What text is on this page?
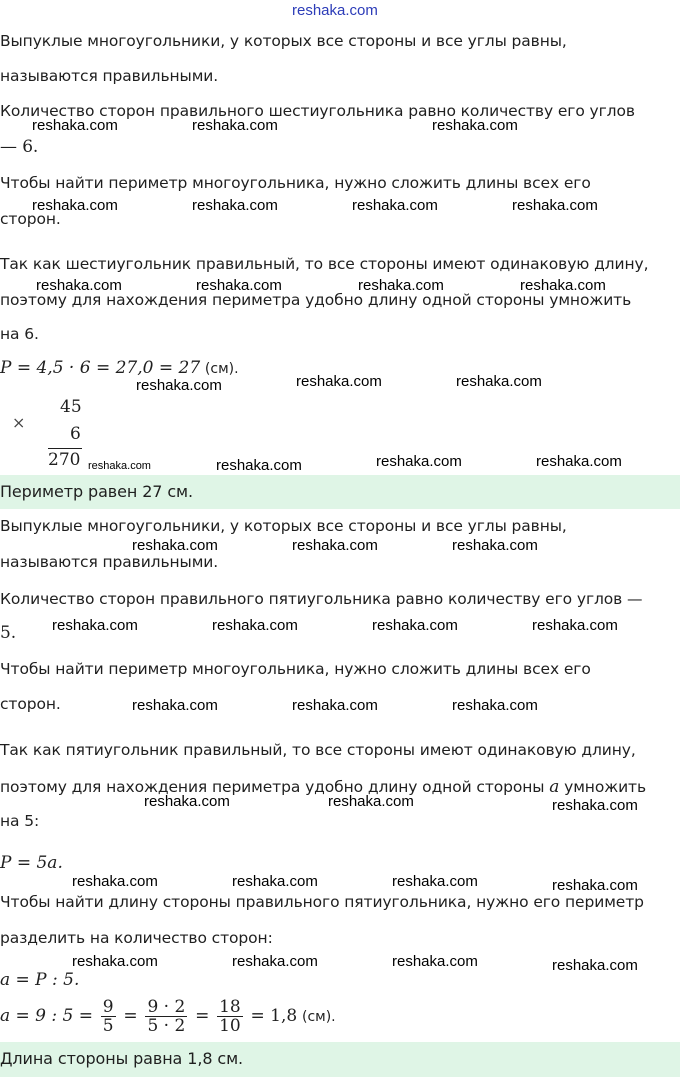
reshaka.com
Выпуклые многоугольники, у которых все стороны и все углы равны,
называются правильными.
Количество сторон правильного шестиугольника равно количеству его углов
— 6.
Чтобы найти периметр многоугольника, нужно сложить длины всех его
сторон.
Так как шестиугольник правильный, то все стороны имеют одинаковую длину,
поэтому для нахождения периметра удобно длину одной стороны умножить
на 6.
P = 4,5 · 6 = 27,0 = 27 (см).
×
45
6
270
Периметр равен 27 см.
Выпуклые многоугольники, у которых все стороны и все углы равны,
называются правильными.
Количество сторон правильного пятиугольника равно количеству его углов —
5.
Чтобы найти периметр многоугольника, нужно сложить длины всех его
сторон.
Так как пятиугольник правильный, то все стороны имеют одинаковую длину,
поэтому для нахождения периметра удобно длину одной стороны a умножить
на 5:
P = 5a.
Чтобы найти длину стороны правильного пятиугольника, нужно его периметр
разделить на количество сторон:
a = P : 5.
a = 9 : $5 = \frac{9}{5} = \frac{9 \cdot 2}{5 \cdot 2} = \frac{18}{10} = 1,8$ (см).
Длина стороны равна 1,8 см.
reshaka.com	reshaka.com	reshaka.com
reshaka.com	reshaka.com	reshaka.com	reshaka.com
reshaka.com	reshaka.com	reshaka.com	reshaka.com
reshaka.com	reshaka.com	reshaka.com
reshaka.com	reshaka.com	reshaka.com	reshaka.com
reshaka.com	reshaka.com	reshaka.com
reshaka.com	reshaka.com	reshaka.com	reshaka.com
reshaka.com	reshaka.com	reshaka.com
reshaka.com	reshaka.com	reshaka.com
reshaka.com	reshaka.com	reshaka.com	reshaka.com
reshaka.com	reshaka.com	reshaka.com	reshaka.com
